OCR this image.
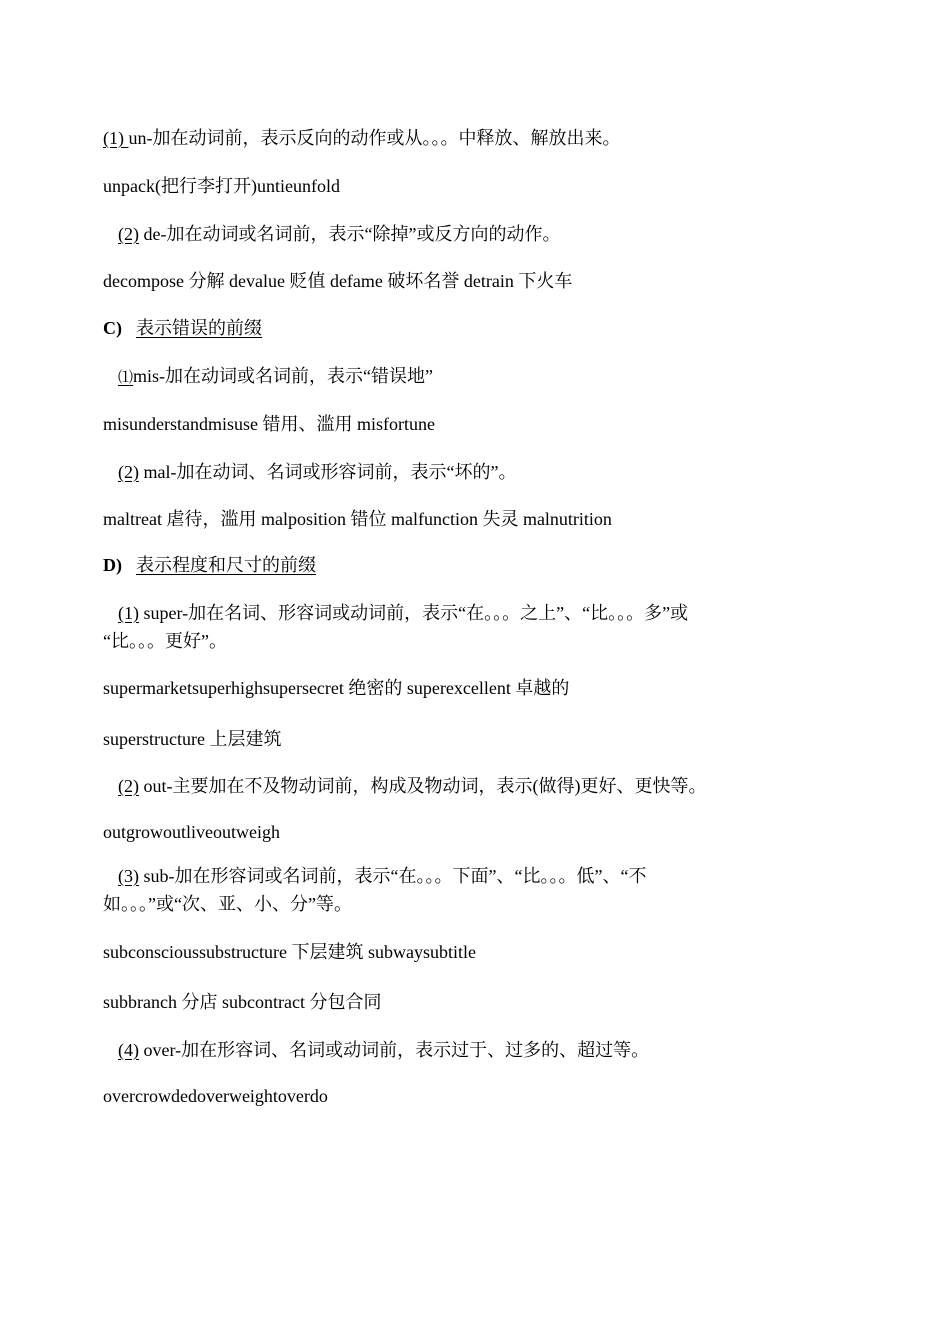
(1) un-加在动词前，表示反向的动作或从。。。中释放、解放出来。
unpack(把行李打开)untieunfold
(2) de-加在动词或名词前，表示“除掉”或反方向的动作。
decompose 分解 devalue 贬值 defame 破坏名誉 detrain 下火车
C) 表示错误的前缀
⑴mis-加在动词或名词前，表示“错误地”
misunderstandmisuse 错用、滥用 misfortune
(2) mal-加在动词、名词或形容词前，表示“坏的”。
maltreat 虐待，滥用 malposition 错位 malfunction 失灵 malnutrition
D) 表示程度和尺寸的前缀
(1) super-加在名词、形容词或动词前，表示“在。。。之上”、“比。。。多”或
“比。。。更好”。
supermarketsuperhighsupersecret 绝密的 superexcellent 卓越的
superstructure 上层建筑
(2) out-主要加在不及物动词前，构成及物动词，表示(做得)更好、更快等。
outgrowoutliveoutweigh
(3) sub-加在形容词或名词前，表示“在。。。下面”、“比。。。低”、“不
如。。。”或“次、亚、小、分”等。
subconscioussubstructure 下层建筑 subwaysubtitle
subbranch 分店 subcontract 分包合同
(4) over-加在形容词、名词或动词前，表示过于、过多的、超过等。
overcrowdedoverweightoverdo
